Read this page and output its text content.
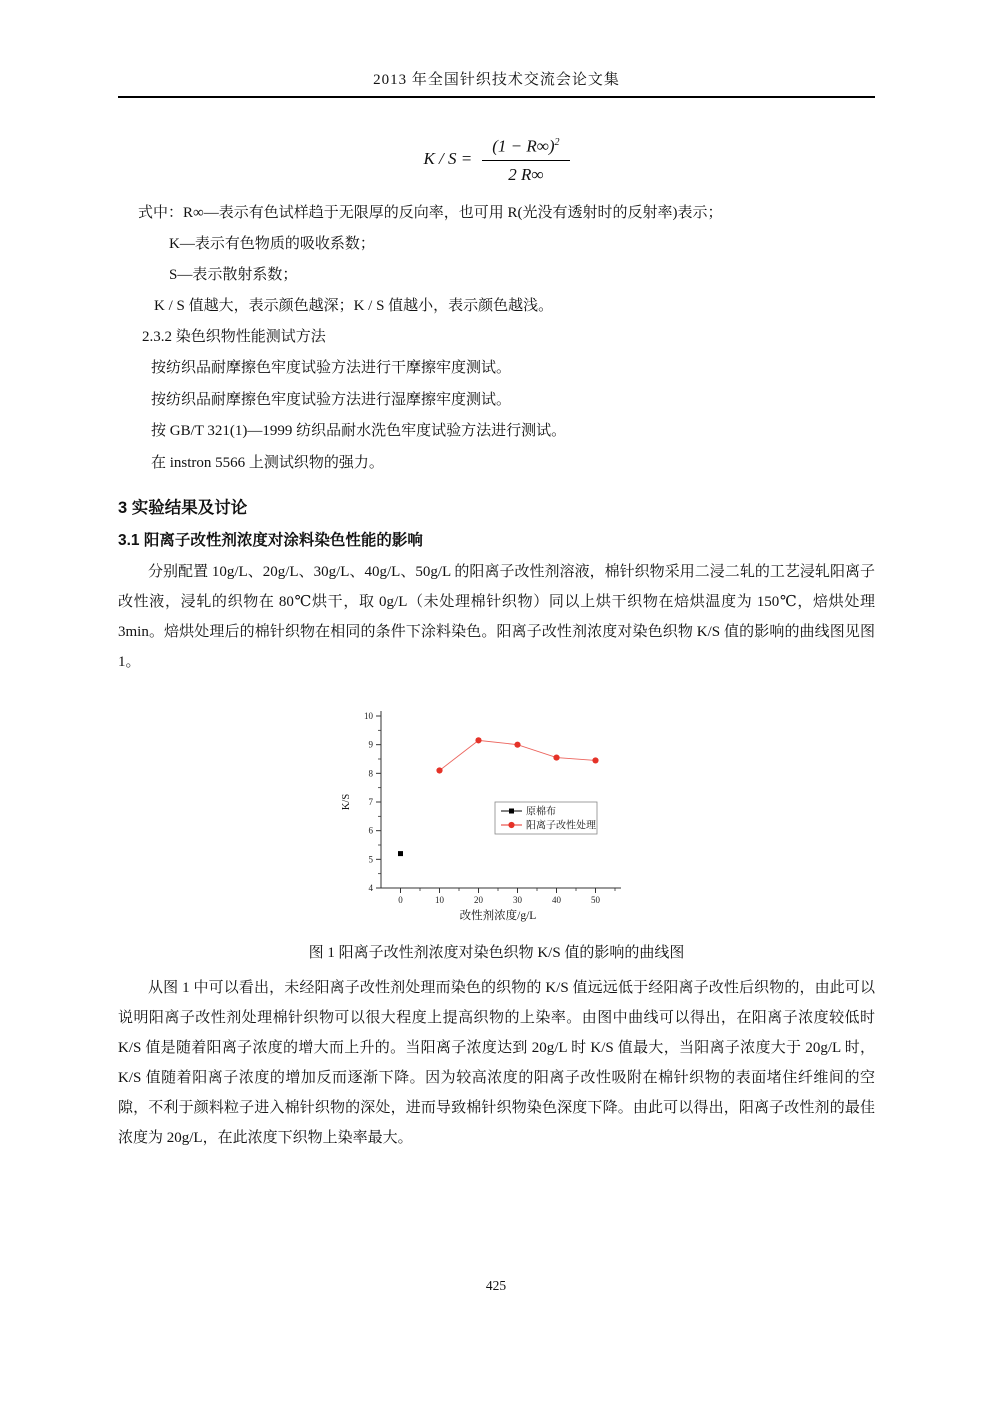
2013 年全国针织技术交流会论文集
$K / S = \frac{(1 - R\infty)^2}{2 R\infty}$
式中：R∞—表示有色试样趋于无限厚的反向率，也可用 R(光没有透射时的反射率)表示；
K—表示有色物质的吸收系数；
S—表示散射系数；
K / S 值越大，表示颜色越深；K / S 值越小，表示颜色越浅。
2.3.2 染色织物性能测试方法
按纺织品耐摩擦色牢度试验方法进行干摩擦牢度测试。
按纺织品耐摩擦色牢度试验方法进行湿摩擦牢度测试。
按 GB/T 321(1)—1999 纺织品耐水洗色牢度试验方法进行测试。
在 instron 5566 上测试织物的强力。
3 实验结果及讨论
3.1 阳离子改性剂浓度对涂料染色性能的影响
分别配置 10g/L、20g/L、30g/L、40g/L、50g/L 的阳离子改性剂溶液，棉针织物采用二浸二轧的工艺浸轧阳离子改性液，浸轧的织物在 80℃烘干，取 0g/L（未处理棉针织物）同以上烘干织物在焙烘温度为 150℃，焙烘处理 3min。焙烘处理后的棉针织物在相同的条件下涂料染色。阳离子改性剂浓度对染色织物 K/S 值的影响的曲线图见图 1。
4
5
6
7
8
9
10
0	10	20	30	40	50
改性剂浓度/g/L
K/S
原棉布
阳离子改性处理
图 1 阳离子改性剂浓度对染色织物 K/S 值的影响的曲线图
从图 1 中可以看出，未经阳离子改性剂处理而染色的织物的 K/S 值远远低于经阳离子改性后织物的，由此可以说明阳离子改性剂处理棉针织物可以很大程度上提高织物的上染率。由图中曲线可以得出，在阳离子浓度较低时 K/S 值是随着阳离子浓度的增大而上升的。当阳离子浓度达到 20g/L 时 K/S 值最大，当阳离子浓度大于 20g/L 时，K/S 值随着阳离子浓度的增加反而逐渐下降。因为较高浓度的阳离子改性吸附在棉针织物的表面堵住纤维间的空隙，不利于颜料粒子进入棉针织物的深处，进而导致棉针织物染色深度下降。由此可以得出，阳离子改性剂的最佳浓度为 20g/L，在此浓度下织物上染率最大。
425
